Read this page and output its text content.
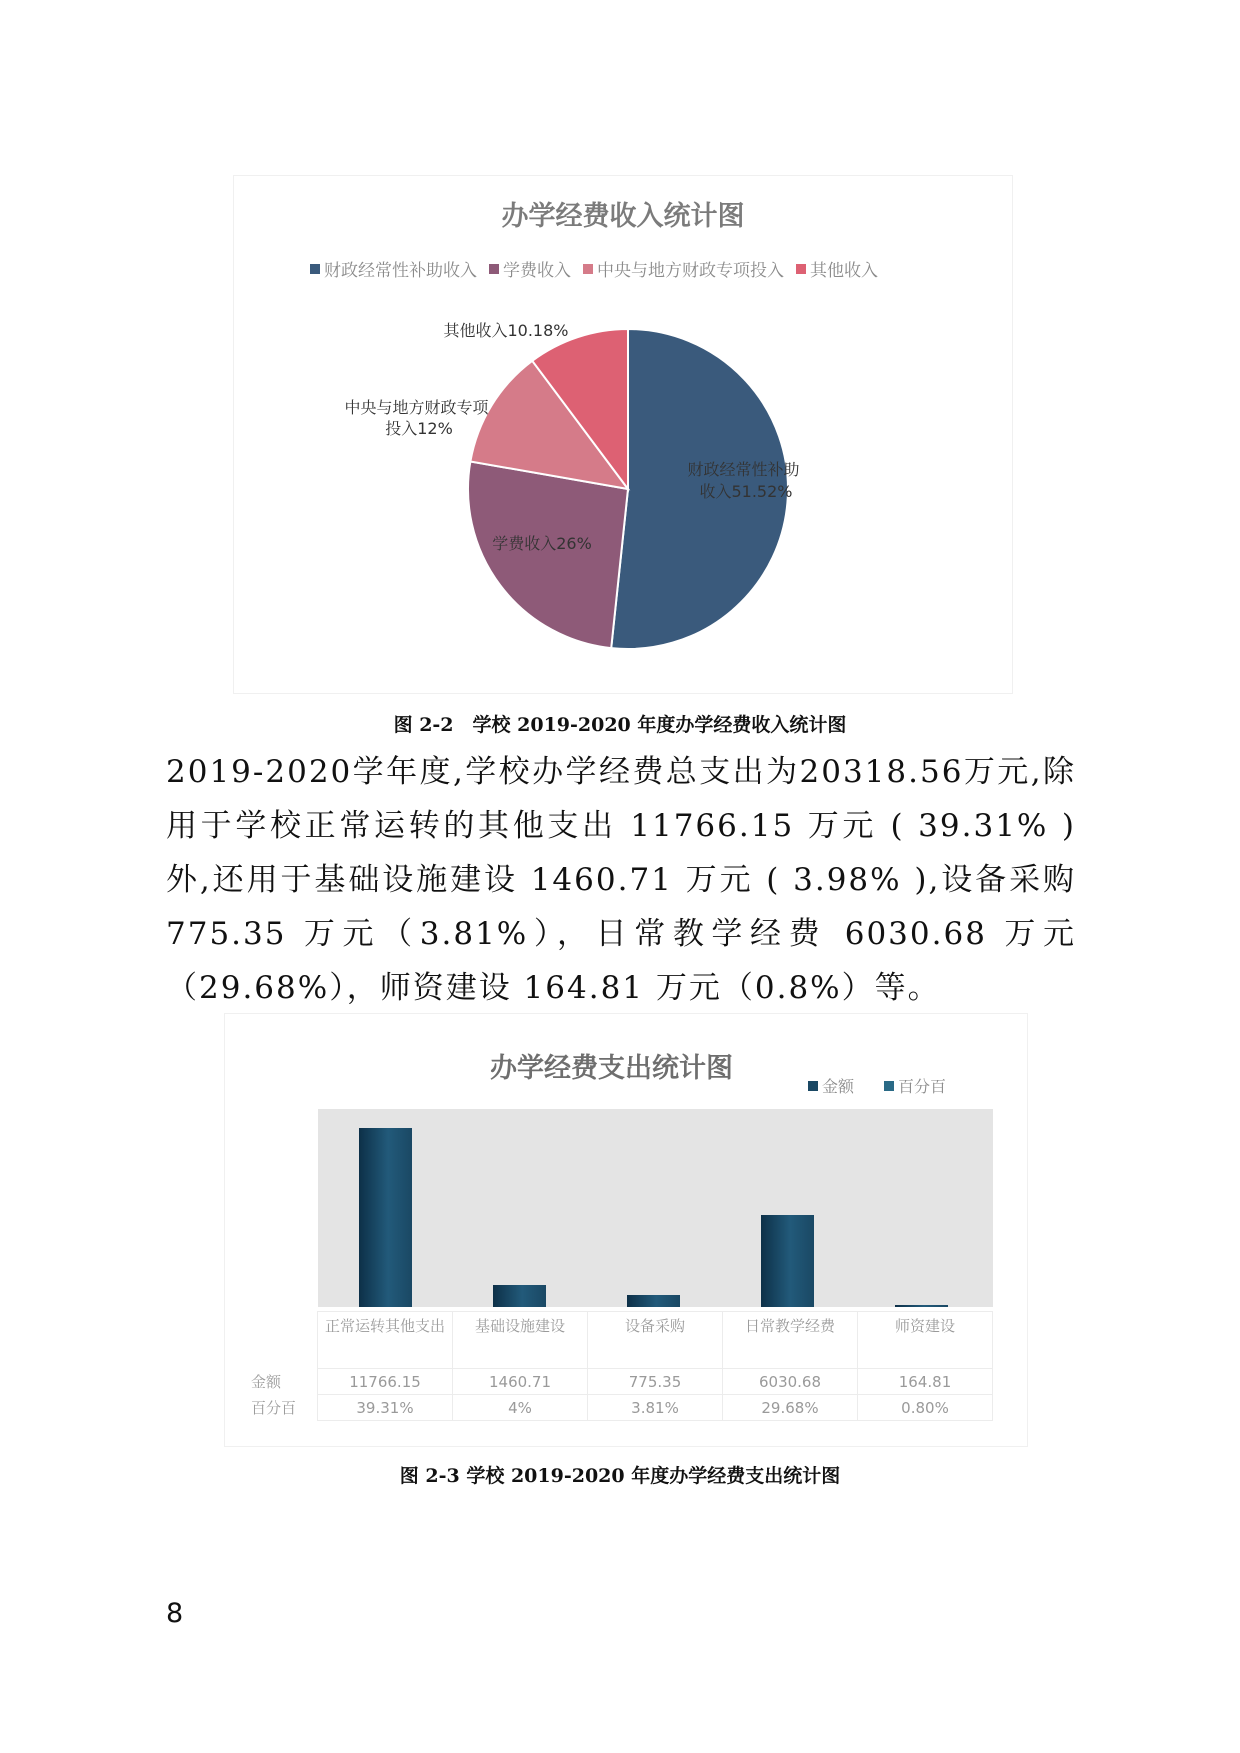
办学经费收入统计图
财政经常性补助收入 学费收入 中央与地方财政专项投入 其他收入
财政经常性补助 收入51.52%
学费收入26%
中央与地方财政专项 投入12%
其他收入10.18%
图 2-2　学校 2019-2020 年度办学经费收入统计图
2019-2020学年度,学校办学经费总支出为20318.56万元,除用于学校正常运转的其他支出 11766.15 万元 ( 39.31% ) 外,还用于基础设施建设 1460.71 万元 ( 3.98% ),设备采购 775.35 万元（3.81%），日常教学经费 6030.68 万元（29.68%），师资建设 164.81 万元（0.8%）等。
办学经费支出统计图
金额	百分百
	正常运转其他支出	基础设施建设	设备采购	日常教学经费	师资建设
金额	11766.15	1460.71	775.35	6030.68	164.81
百分百	39.31%	4%	3.81%	29.68%	0.80%
图 2-3 学校 2019-2020 年度办学经费支出统计图
8
